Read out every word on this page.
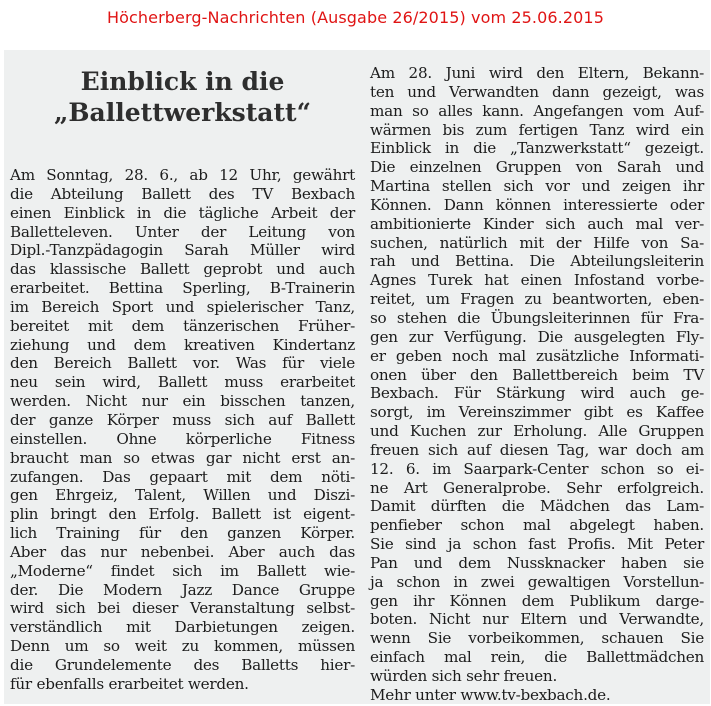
Höcherberg-Nachrichten (Ausgabe 26/2015) vom 25.06.2015
Einblick in die
„Ballettwerkstatt“
Am Sonntag, 28. 6., ab 12 Uhr, gewährt
die Abteilung Ballett des TV Bexbach
einen Einblick in die tägliche Arbeit der
Balletteleven. Unter der Leitung von
Dipl.-Tanzpädagogin Sarah Müller wird
das klassische Ballett geprobt und auch
erarbeitet. Bettina Sperling, B-Trainerin
im Bereich Sport und spielerischer Tanz,
bereitet mit dem tänzerischen Früher-
ziehung und dem kreativen Kindertanz
den Bereich Ballett vor. Was für viele
neu sein wird, Ballett muss erarbeitet
werden. Nicht nur ein bisschen tanzen,
der ganze Körper muss sich auf Ballett
einstellen. Ohne körperliche Fitness
braucht man so etwas gar nicht erst an-
zufangen. Das gepaart mit dem nöti-
gen Ehrgeiz, Talent, Willen und Diszi-
plin bringt den Erfolg. Ballett ist eigent-
lich Training für den ganzen Körper.
Aber das nur nebenbei. Aber auch das
„Moderne“ findet sich im Ballett wie-
der. Die Modern Jazz Dance Gruppe
wird sich bei dieser Veranstaltung selbst-
verständlich mit Darbietungen zeigen.
Denn um so weit zu kommen, müssen
die Grundelemente des Balletts hier-
für ebenfalls erarbeitet werden.
Am 28. Juni wird den Eltern, Bekann-
ten und Verwandten dann gezeigt, was
man so alles kann. Angefangen vom Auf-
wärmen bis zum fertigen Tanz wird ein
Einblick in die „Tanzwerkstatt“ gezeigt.
Die einzelnen Gruppen von Sarah und
Martina stellen sich vor und zeigen ihr
Können. Dann können interessierte oder
ambitionierte Kinder sich auch mal ver-
suchen, natürlich mit der Hilfe von Sa-
rah und Bettina. Die Abteilungsleiterin
Agnes Turek hat einen Infostand vorbe-
reitet, um Fragen zu beantworten, eben-
so stehen die Übungsleiterinnen für Fra-
gen zur Verfügung. Die ausgelegten Fly-
er geben noch mal zusätzliche Informati-
onen über den Ballettbereich beim TV
Bexbach. Für Stärkung wird auch ge-
sorgt, im Vereinszimmer gibt es Kaffee
und Kuchen zur Erholung. Alle Gruppen
freuen sich auf diesen Tag, war doch am
12. 6. im Saarpark-Center schon so ei-
ne Art Generalprobe. Sehr erfolgreich.
Damit dürften die Mädchen das Lam-
penfieber schon mal abgelegt haben.
Sie sind ja schon fast Profis. Mit Peter
Pan und dem Nussknacker haben sie
ja schon in zwei gewaltigen Vorstellun-
gen ihr Können dem Publikum darge-
boten. Nicht nur Eltern und Verwandte,
wenn Sie vorbeikommen, schauen Sie
einfach mal rein, die Ballettmädchen
würden sich sehr freuen.
Mehr unter www.tv-bexbach.de.
